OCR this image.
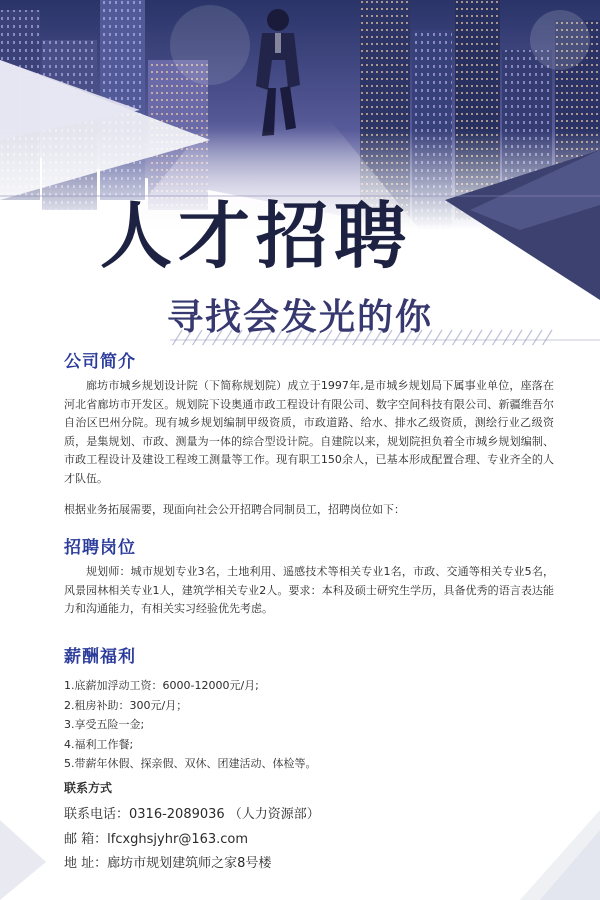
人才招聘
寻找会发光的你
公司简介
廊坊市城乡规划设计院（下简称规划院）成立于1997年,是市城乡规划局下属事业单位，座落在河北省廊坊市开发区。规划院下设奥通市政工程设计有限公司、数字空间科技有限公司、新疆维吾尔自治区巴州分院。现有城乡规划编制甲级资质，市政道路、给水、排水乙级资质，测绘行业乙级资质，是集规划、市政、测量为一体的综合型设计院。自建院以来，规划院担负着全市城乡规划编制、市政工程设计及建设工程竣工测量等工作。现有职工150余人，已基本形成配置合理、专业齐全的人才队伍。
根据业务拓展需要，现面向社会公开招聘合同制员工，招聘岗位如下：
招聘岗位
规划师：城市规划专业3名，土地利用、遥感技术等相关专业1名，市政、交通等相关专业5名，风景园林相关专业1人，建筑学相关专业2人。要求：本科及硕士研究生学历，具备优秀的语言表达能力和沟通能力，有相关实习经验优先考虑。
薪酬福利
1.底薪加浮动工资：6000-12000元/月;
2.租房补助：300元/月；
3.享受五险一金;
4.福利工作餐;
5.带薪年休假、探亲假、双休、团建活动、体检等。
联系方式
联系电话：0316-2089036 （人力资源部）
邮 箱：lfcxghsjyhr@163.com
地 址：廊坊市规划建筑师之家8号楼
